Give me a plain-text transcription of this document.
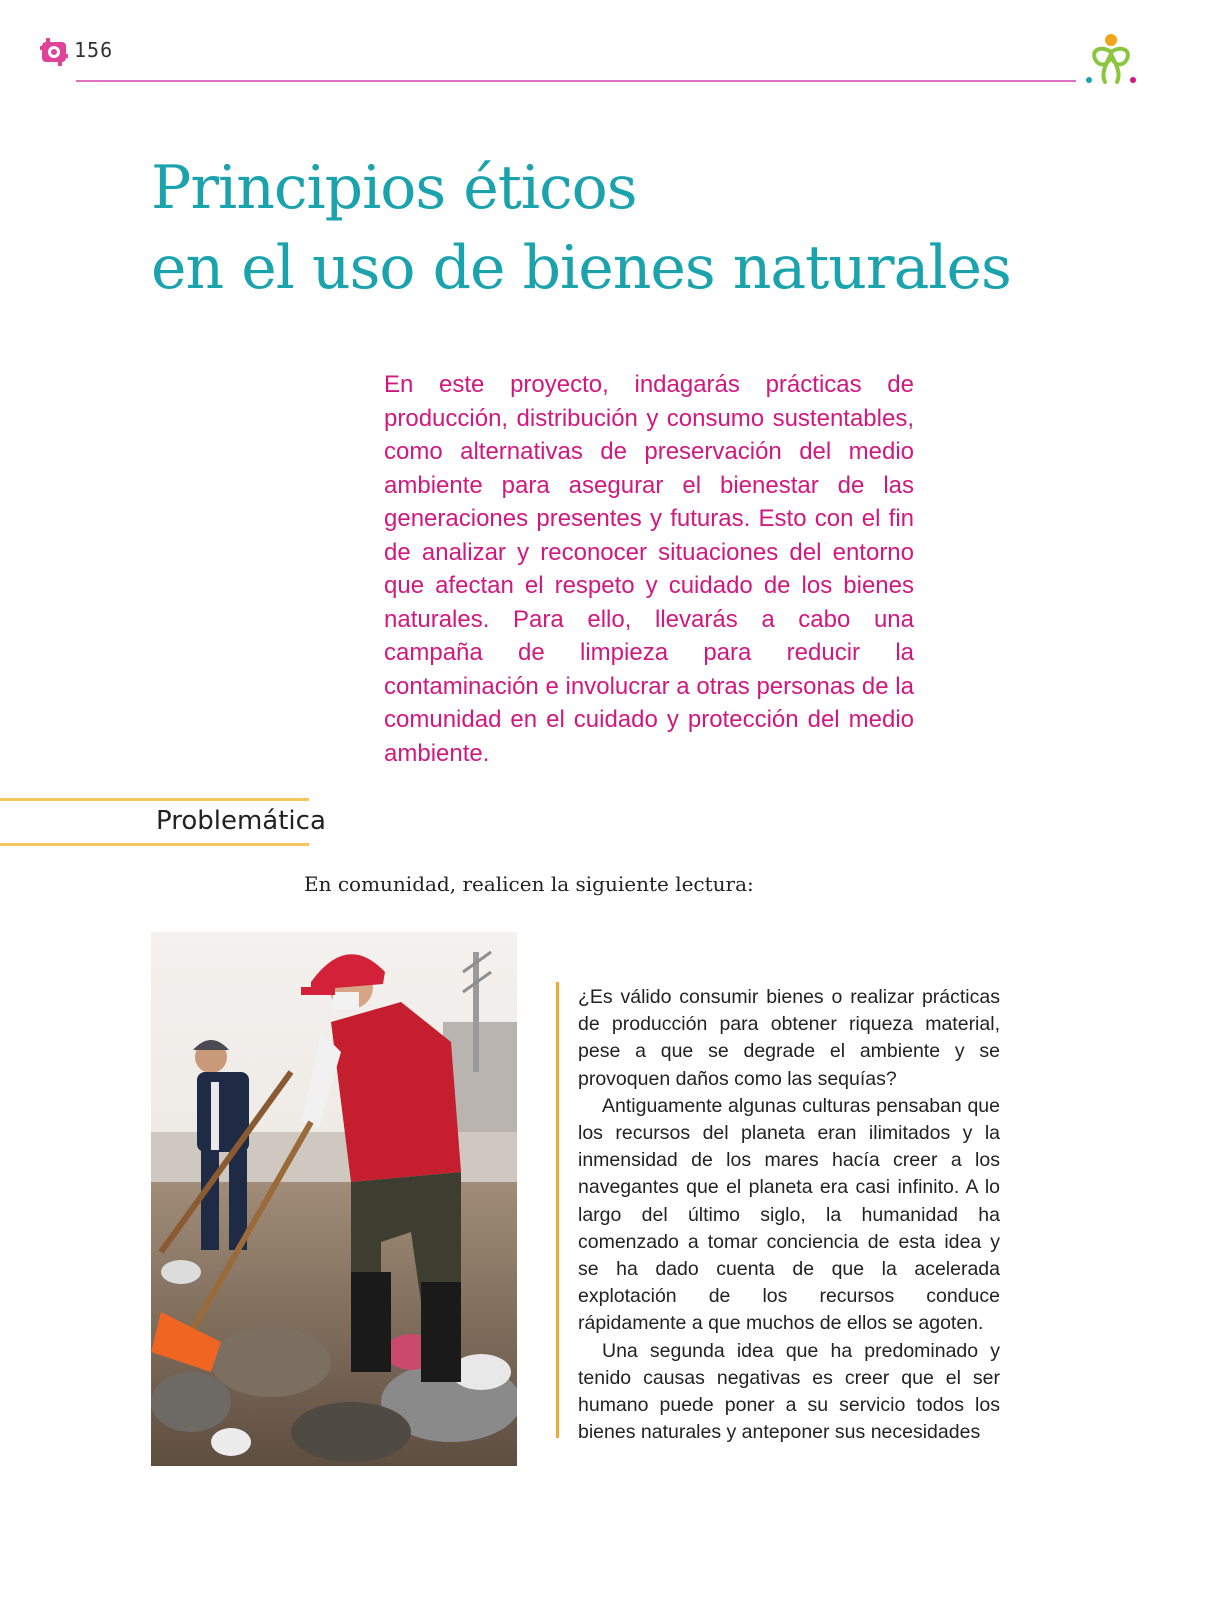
156
Principios éticos
en el uso de bienes naturales

En este proyecto, indagarás prácticas de producción, distribución y consumo sustentables, como alternativas de preservación del medio ambiente para asegurar el bienestar de las generaciones presentes y futuras. Esto con el fin de analizar y reconocer situaciones del entorno que afectan el respeto y cuidado de los bienes naturales. Para ello, llevarás a cabo una campaña de limpieza para reducir la contaminación e involucrar a otras personas de la comunidad en el cuidado y protección del medio ambiente.

Problemática

En comunidad, realicen la siguiente lectura:

¿Es válido consumir bienes o realizar prácticas de producción para obtener riqueza material, pese a que se degrade el ambiente y se provoquen daños como las sequías?

Antiguamente algunas culturas pensaban que los recursos del planeta eran ilimitados y la inmensidad de los mares hacía creer a los navegantes que el planeta era casi infinito. A lo largo del último siglo, la humanidad ha comenzado a tomar conciencia de esta idea y se ha dado cuenta de que la acelerada explotación de los recursos conduce rápidamente a que muchos de ellos se agoten.

Una segunda idea que ha predominado y tenido causas negativas es creer que el ser humano puede poner a su servicio todos los bienes naturales y anteponer sus necesidades
